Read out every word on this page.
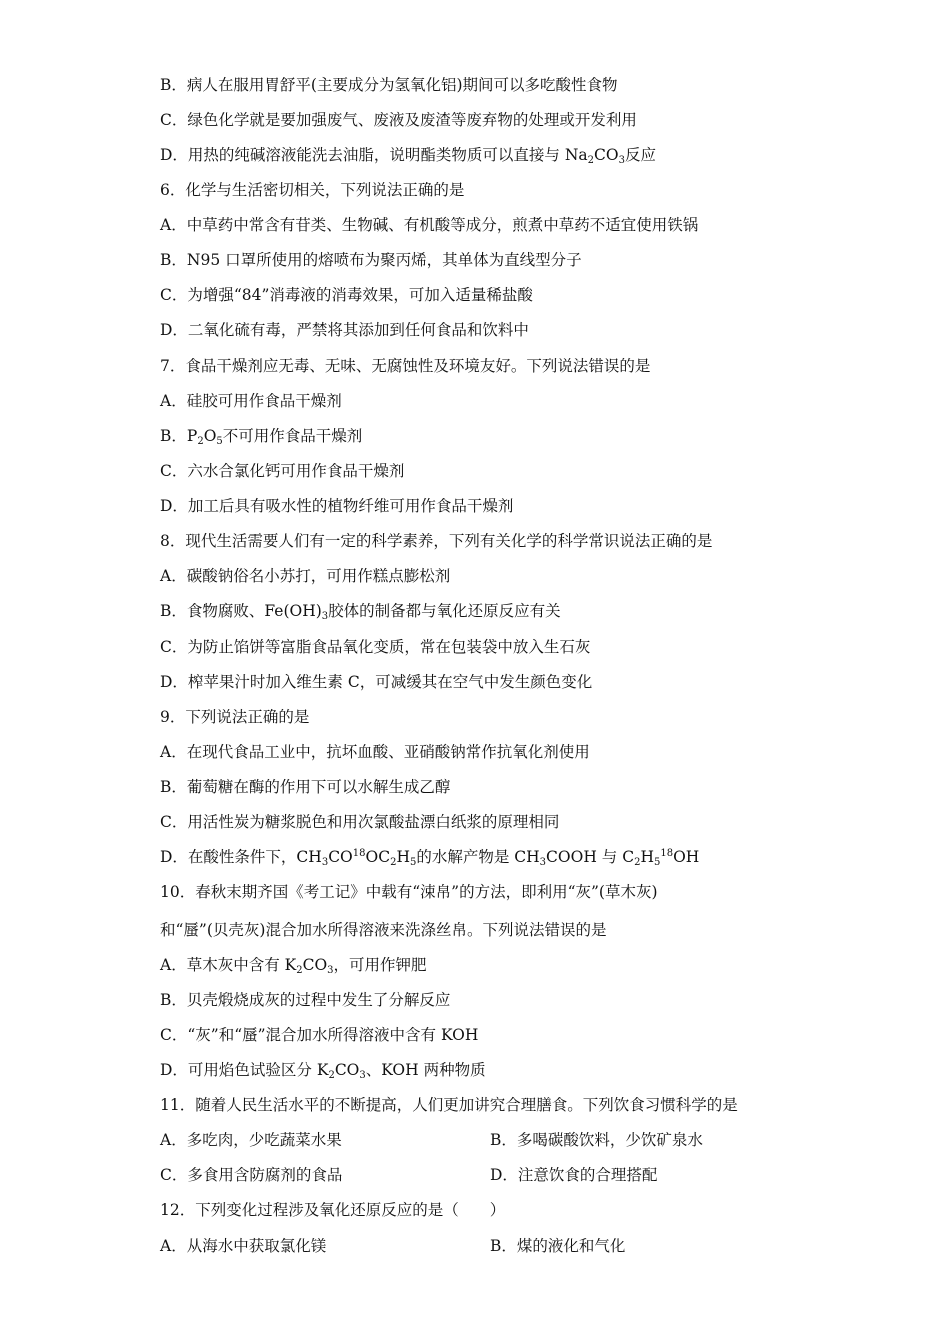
B．病人在服用胃舒平(主要成分为氢氧化铝)期间可以多吃酸性食物
C．绿色化学就是要加强废气、废液及废渣等废弃物的处理或开发利用
D．用热的纯碱溶液能洗去油脂，说明酯类物质可以直接与 $Na_2CO_3$反应
6．化学与生活密切相关，下列说法正确的是
A．中草药中常含有苷类、生物碱、有机酸等成分，煎煮中草药不适宜使用铁锅
B．N95 口罩所使用的熔喷布为聚丙烯，其单体为直线型分子
C．为增强“84”消毒液的消毒效果，可加入适量稀盐酸
D．二氧化硫有毒，严禁将其添加到任何食品和饮料中
7．食品干燥剂应无毒、无味、无腐蚀性及环境友好。下列说法错误的是
A．硅胶可用作食品干燥剂
B．$P_2O_5$不可用作食品干燥剂
C．六水合氯化钙可用作食品干燥剂
D．加工后具有吸水性的植物纤维可用作食品干燥剂
8．现代生活需要人们有一定的科学素养，下列有关化学的科学常识说法正确的是
A．碳酸钠俗名小苏打，可用作糕点膨松剂
B．食物腐败、$Fe(OH)_3$胶体的制备都与氧化还原反应有关
C．为防止馅饼等富脂食品氧化变质，常在包装袋中放入生石灰
D．榨苹果汁时加入维生素 C，可减缓其在空气中发生颜色变化
9．下列说法正确的是
A．在现代食品工业中，抗坏血酸、亚硝酸钠常作抗氧化剂使用
B．葡萄糖在酶的作用下可以水解生成乙醇
C．用活性炭为糖浆脱色和用次氯酸盐漂白纸浆的原理相同
D．在酸性条件下，$CH_3CO^{18}OC_2H_5$的水解产物是 $CH_3COOH$ 与 $C_2H_5^{18}OH$
10．春秋末期齐国《考工记》中载有“涑帛”的方法，即利用“灰”(草木灰)
和“蜃”(贝壳灰)混合加水所得溶液来洗涤丝帛。下列说法错误的是
A．草木灰中含有 $K_2CO_3$，可用作钾肥
B．贝壳煅烧成灰的过程中发生了分解反应
C．“灰”和“蜃”混合加水所得溶液中含有 KOH
D．可用焰色试验区分 $K_2CO_3$、KOH 两种物质
11．随着人民生活水平的不断提高，人们更加讲究合理膳食。下列饮食习惯科学的是
A．多吃肉，少吃蔬菜水果	B．多喝碳酸饮料，少饮矿泉水
C．多食用含防腐剂的食品	D．注意饮食的合理搭配
12．下列变化过程涉及氧化还原反应的是（　　）
A．从海水中获取氯化镁	B．煤的液化和气化
